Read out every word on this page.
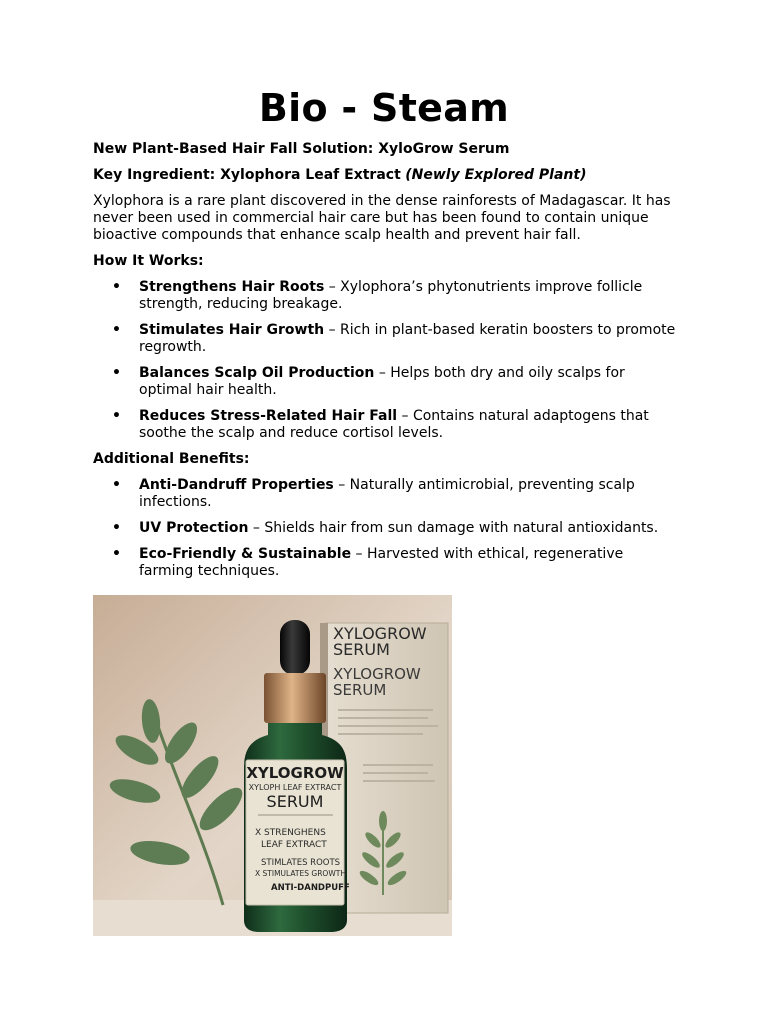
Bio - Steam

New Plant-Based Hair Fall Solution: XyloGrow Serum

Key Ingredient: Xylophora Leaf Extract (Newly Explored Plant)

Xylophora is a rare plant discovered in the dense rainforests of Madagascar. It has never been used in commercial hair care but has been found to contain unique bioactive compounds that enhance scalp health and prevent hair fall.

How It Works:

• Strengthens Hair Roots – Xylophora’s phytonutrients improve follicle strength, reducing breakage.
• Stimulates Hair Growth – Rich in plant-based keratin boosters to promote regrowth.
• Balances Scalp Oil Production – Helps both dry and oily scalps for optimal hair health.
• Reduces Stress-Related Hair Fall – Contains natural adaptogens that soothe the scalp and reduce cortisol levels.

Additional Benefits:

• Anti-Dandruff Properties – Naturally antimicrobial, preventing scalp infections.
• UV Protection – Shields hair from sun damage with natural antioxidants.
• Eco-Friendly & Sustainable – Harvested with ethical, regenerative farming techniques.
XYLOGROW
SERUM
XYLOGROW
SERUM
XYLOGROW
XYLOPH LEAF EXTRACT
SERUM
X STRENGHENS
LEAF EXTRACT
STIMLATES ROOTS
X STIMULATES GROWTH
ANTI-DANDPUFF
